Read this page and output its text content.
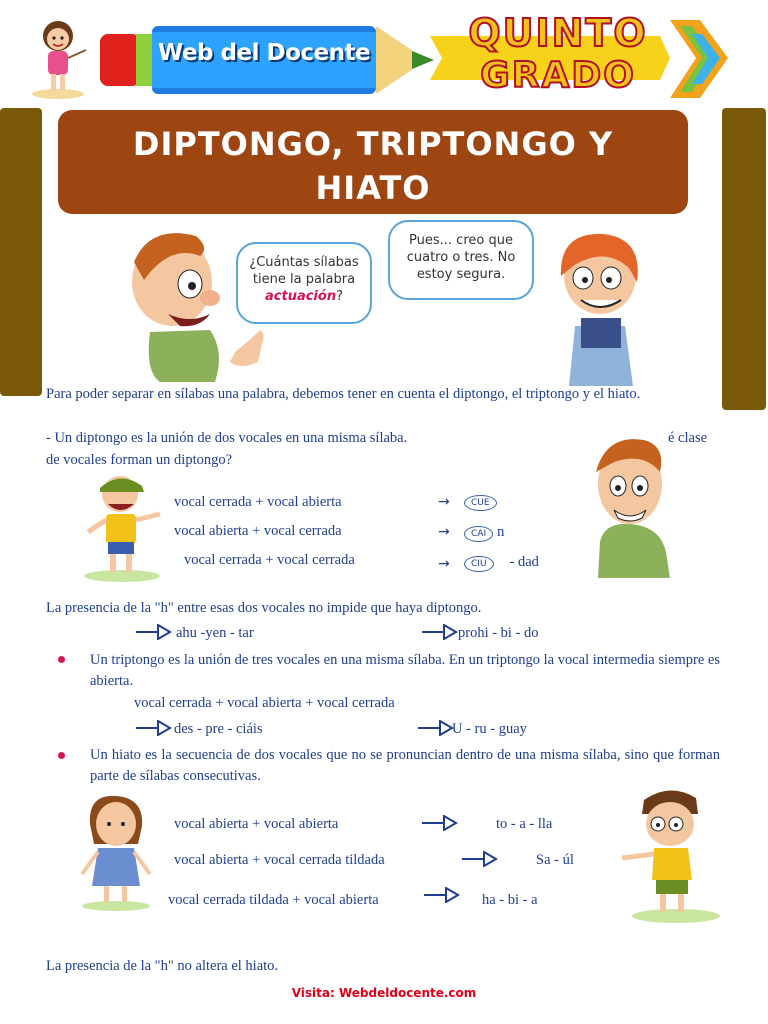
Web del Docente	QUINTO
GRADO
DIPTONGO, TRIPTONGO Y
HIATO
¿Cuántas sílabas
tiene la palabra
actuación?
Pues... creo que
cuatro o tres. No
estoy segura.
Para poder separar en sílabas una palabra, debemos tener en cuenta el diptongo, el triptongo y el hiato.
- Un diptongo es la unión de dos vocales en una misma sílaba.	é clase
de vocales forman un diptongo?
vocal cerrada + vocal abierta	→	CUE
vocal abierta + vocal cerrada	→	CAI n
vocal cerrada + vocal cerrada	→	CIU - dad
La presencia de la "h" entre esas dos vocales no impide que haya diptongo.
ahu -yen - tar	prohi - bi - do
Un triptongo es la unión de tres vocales en una misma sílaba. En un triptongo la vocal intermedia siempre es abierta.
vocal cerrada + vocal abierta + vocal cerrada
des - pre - ciáis	U - ru - guay
Un hiato es la secuencia de dos vocales que no se pronuncian dentro de una misma sílaba, sino que forman parte de sílabas consecutivas.
vocal abierta + vocal abierta	to - a - lla
vocal abierta + vocal cerrada tildada	Sa - úl
vocal cerrada tildada + vocal abierta	ha - bi - a
La presencia de la "h" no altera el hiato.
Visita: Webdeldocente.com
